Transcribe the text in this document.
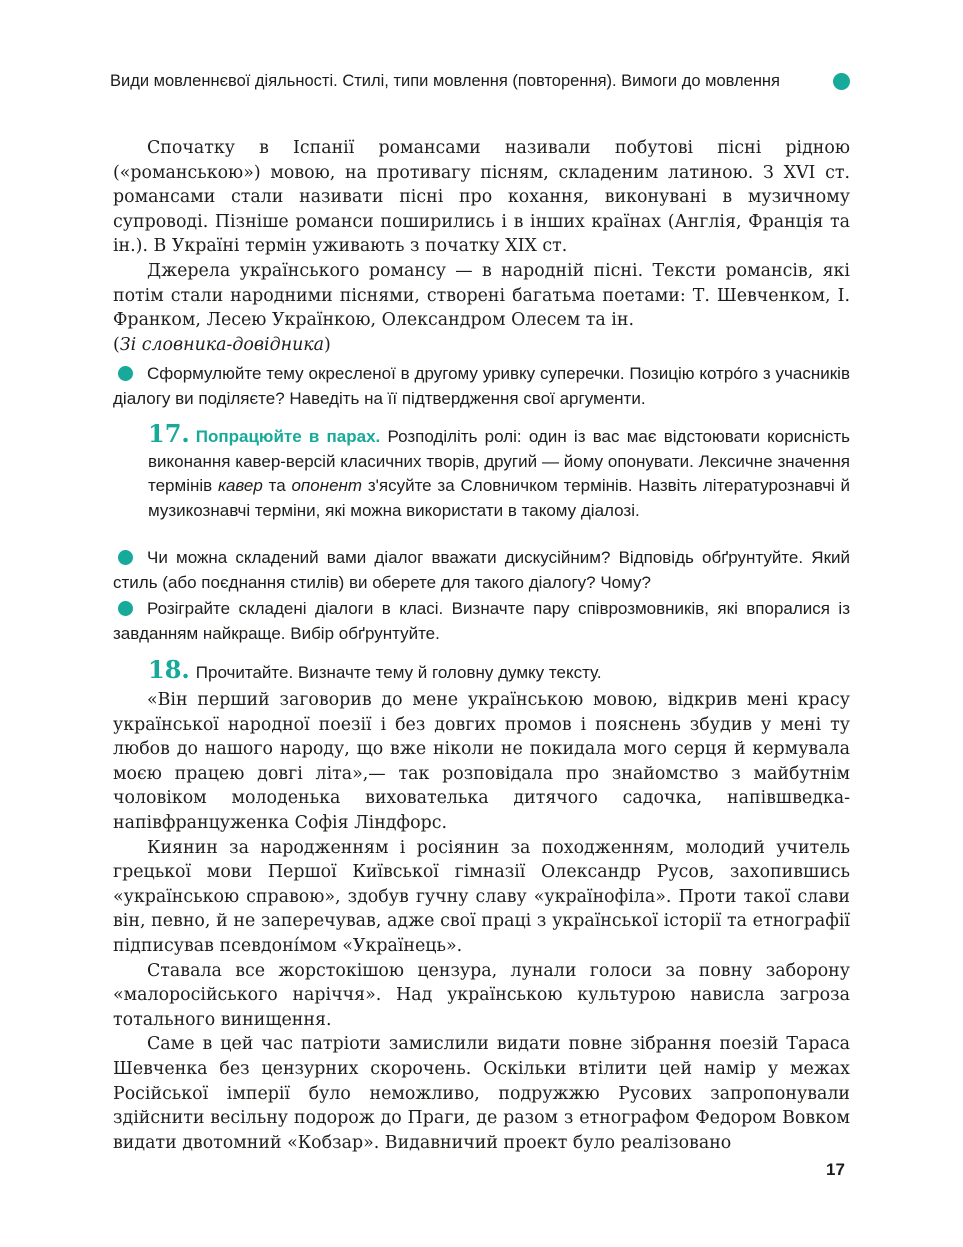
Види мовленнєвої діяльності. Стилі, типи мовлення (повторення). Вимоги до мовлення

Спочатку в Іспанії романсами називали побутові пісні рідною («романською») мовою, на противагу пісням, складеним латиною. З XVI ст. романсами стали називати пісні про кохання, виконувані в музичному супроводі. Пізніше романси поширились і в інших країнах (Англія, Франція та ін.). В Україні термін уживають з початку XIX ст.

Джерела українського романсу — в народній пісні. Тексти романсів, які потім стали народними піснями, створені багатьма поетами: Т. Шевченком, І. Франком, Лесею Українкою, Олександром Олесем та ін.

(Зі словника-довідника)

Сформулюйте тему окресленої в другому уривку суперечки. Позицію котро́го з учасників діалогу ви поділяєте? Наведіть на її підтвердження свої аргументи.

17. Попрацюйте в парах. Розподіліть ролі: один із вас має відстоювати корисність виконання кавер-версій класичних творів, другий — йому опонувати. Лексичне значення термінів кавер та опонент з'ясуйте за Словничком термінів. Назвіть літературознавчі й музикознавчі терміни, які можна використати в такому діалозі.

Чи можна складений вами діалог вважати дискусійним? Відповідь обґрунтуйте. Який стиль (або поєднання стилів) ви оберете для такого діалогу? Чому?

Розіграйте складені діалоги в класі. Визначте пару співрозмовників, які впоралися із завданням найкраще. Вибір обґрунтуйте.

18. Прочитайте. Визначте тему й головну думку тексту.

«Він перший заговорив до мене українською мовою, відкрив мені красу української народної поезії і без довгих промов і пояснень збудив у мені ту любов до нашого народу, що вже ніколи не покидала мого серця й кермувала моєю працею довгі літа»,— так розповідала про знайомство з майбутнім чоловіком молоденька вихователька дитячого садочка, напівшведка-напівфранцуженка Софія Ліндфорс.

Киянин за народженням і росіянин за походженням, молодий учитель грецької мови Першої Київської гімназії Олександр Русов, захопившись «українською справою», здобув гучну славу «українофіла». Проти такої слави він, певно, й не заперечував, адже свої праці з української історії та етнографії підписував псевдоні́мом «Українець».

Ставала все жорстокішою цензура, лунали голоси за повну заборону «малоросійського наріччя». Над українською культурою нависла загроза тотального винищення.

Саме в цей час патріоти замислили видати повне зібрання поезій Тараса Шевченка без цензурних скорочень. Оскільки втілити цей намір у межах Російської імперії було неможливо, подружжю Русових запропонували здійснити весільну подорож до Праги, де разом з етнографом Федором Вовком видати двотомний «Кобзар». Видавничий проект було реалізовано

17
